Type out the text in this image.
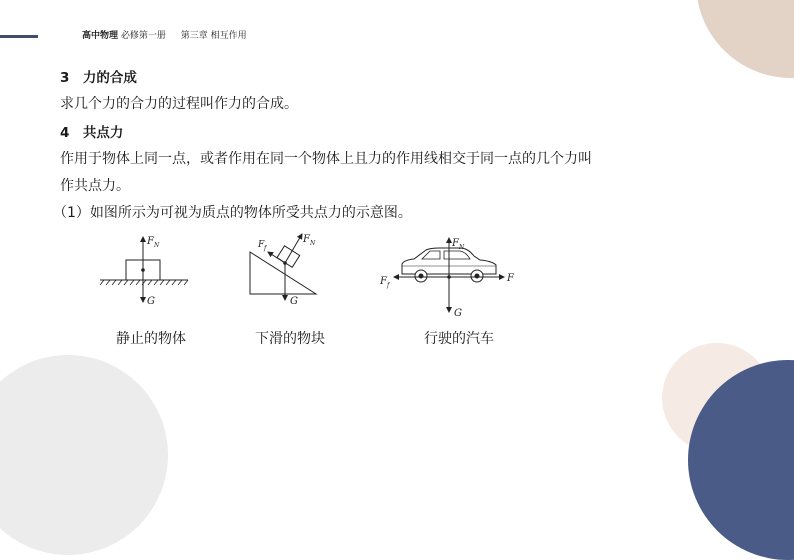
高中物理 必修第一册 第三章 相互作用
3　力的合成
求几个力的合力的过程叫作力的合成。
4　共点力
作用于物体上同一点，或者作用在同一个物体上且力的作用线相交于同一点的几个力叫
作共点力。
（1）如图所示为可视为质点的物体所受共点力的示意图。
F N
G
静止的物体
F f
F N
G
下滑的物块
F N
F f
F
G
行驶的汽车
